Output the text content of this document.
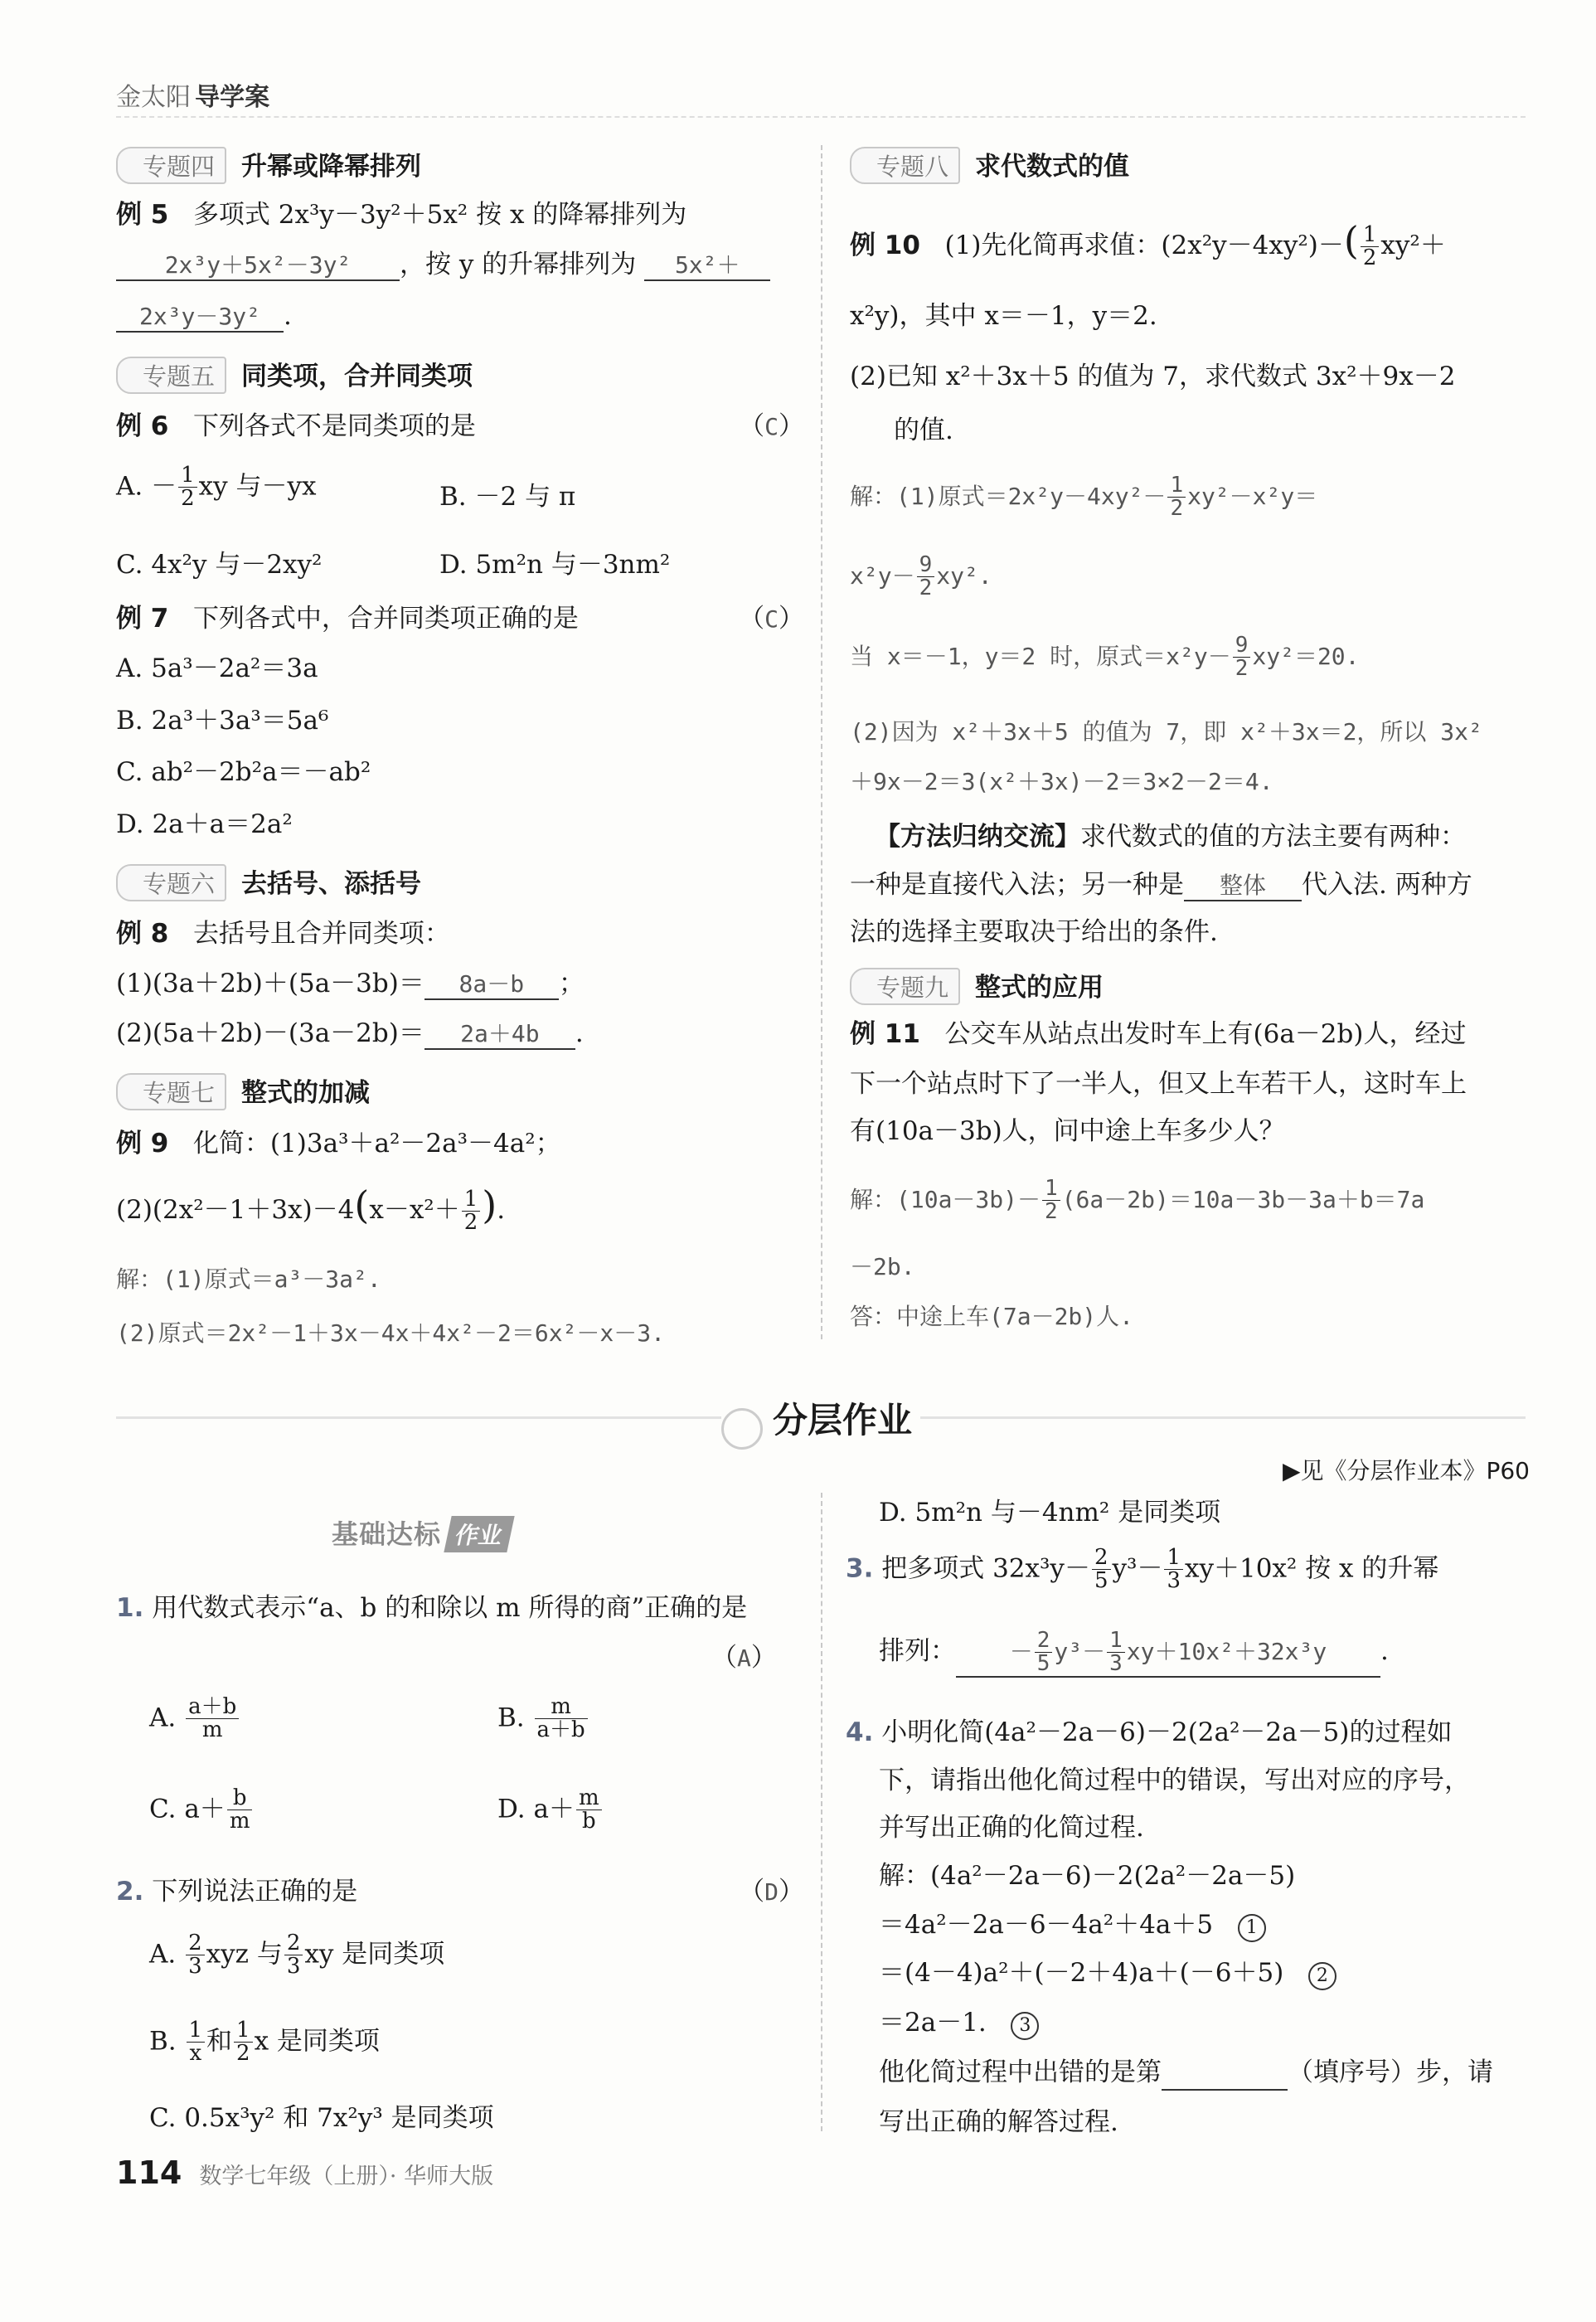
金太阳 导学案
专题四 升幂或降幂排列
例 5 多项式 2x³y－3y²＋5x² 按 x 的降幂排列为
2x³y＋5x²－3y² ，按 y 的升幂排列为 5x²＋
2x³y－3y² .
专题五 同类项，合并同类项
例 6 下列各式不是同类项的是	（C）
A. － $\frac{1}{2}$ xy 与－yx	B. －2 与 π
C. 4x²y 与－2xy²	D. 5m²n 与－3nm²
例 7 下列各式中，合并同类项正确的是	（C）
A. 5a³－2a²＝3a
B. 2a³＋3a³＝5a⁶
C. ab²－2b²a＝－ab²
D. 2a＋a＝2a²
专题六 去括号、添括号
例 8 去括号且合并同类项：
(1)(3a＋2b)＋(5a－3b)＝ 8a－b ；
(2)(5a＋2b)－(3a－2b)＝ 2a＋4b .
专题七 整式的加减
例 9 化简：(1)3a³＋a²－2a³－4a²；
$(2)(2x^2-1+3x)-4(x-x^2+ \frac{1}{2}$ ).
解：(1)原式＝a³－3a².
(2)原式＝2x²－1＋3x－4x＋4x²－2＝6x²－x－3.
专题八 求代数式的值
例 10 (1)先化简再求值：$(2x^2y-4xy^2)-( \frac{1}{2} xy^2+$
x²y)，其中 x＝－1，y＝2.
(2)已知 x²＋3x＋5 的值为 7，求代数式 3x²＋9x－2
的值.
解：(1)原式$=2x^2y-4xy^2- \frac{1}{2} xy^2-x^2y=$
$x^2y- \frac{9}{2} xy^2$.
当 x＝－1，y＝2 时，原式$=x^2y- \frac{9}{2} xy^2=20$.
(2)因为 x²＋3x＋5 的值为 7，即 x²＋3x＝2，所以 3x²
＋9x－2＝3(x²＋3x)－2＝3×2－2＝4.
【方法归纳交流】求代数式的值的方法主要有两种：
一种是直接代入法；另一种是 整体 代入法. 两种方
法的选择主要取决于给出的条件.
专题九 整式的应用
例 11 公交车从站点出发时车上有(6a－2b)人，经过
下一个站点时下了一半人，但又上车若干人，这时车上
有(10a－3b)人，问中途上车多少人？
解：$(10a-3b)- \frac{1}{2} (6a-2b)=10a-3b-3a+b=7a$
－2b.
答：中途上车(7a－2b)人.
分层作业
▶见《分层作业本》P60
基础达标 作业
1. 用代数式表示“a、b 的和除以 m 所得的商”正确的是
（A）
A. $\frac{a+b}{m}$	B. $\frac{m}{a+b}$
C. $a+ \frac{b}{m}$	D. $a+ \frac{m}{b}$
2. 下列说法正确的是	（D）
A. $\frac{2}{3}$ xyz 与 $\frac{2}{3}$ xy 是同类项
B. $\frac{1}{x}$ 和 $\frac{1}{2}$ x 是同类项
C. 0.5x³y² 和 7x²y³ 是同类项
D. 5m²n 与－4nm² 是同类项
3. 把多项式 $32x^3y- \frac{2}{5} y^3- \frac{1}{3} xy+10x^2$ 按 x 的升幂
排列： － $\frac{2}{5} y^3- \frac{1}{3} xy+10x^2+32x^3y$ .
4. 小明化简(4a²－2a－6)－2(2a²－2a－5)的过程如
下，请指出他化简过程中的错误，写出对应的序号，
并写出正确的化简过程.
解：(4a²－2a－6)－2(2a²－2a－5)
＝4a²－2a－6－4a²＋4a＋5 1
＝(4－4)a²＋(－2＋4)a＋(－6＋5) 2
＝2a－1. 3
他化简过程中出错的是第	（填序号）步，请
写出正确的解答过程.
114 数学七年级（上册）· 华师大版
